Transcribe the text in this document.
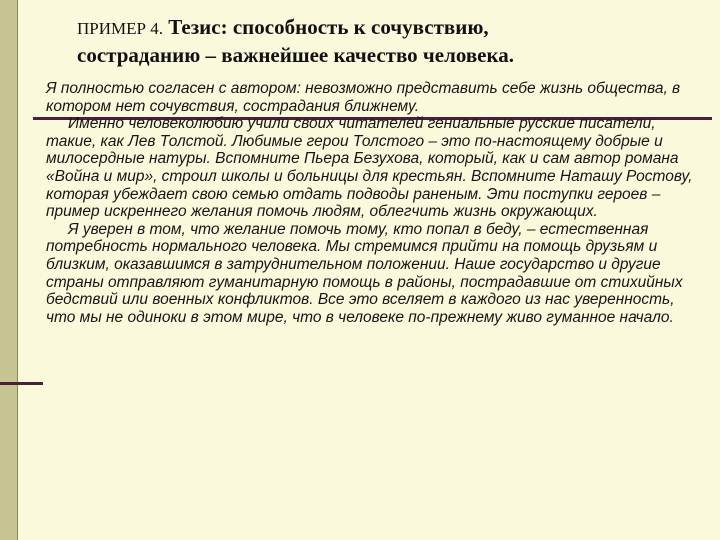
ПРИМЕР 4. Тезис: способность к сочувствию,
состраданию – важнейшее качество человека.

Я полностью согласен с автором: невозможно представить себе жизнь общества, в котором нет сочувствия, сострадания ближнему.

Именно человеколюбию учили своих читателей гениальные русские писатели, такие, как Лев Толстой. Любимые герои Толстого – это по-настоящему добрые и милосердные натуры. Вспомните Пьера Безухова, который, как и сам автор романа «Война и мир», строил школы и больницы для крестьян. Вспомните Наташу Ростову, которая убеждает свою семью отдать подводы раненым. Эти поступки героев – пример искреннего желания помочь людям, облегчить жизнь окружающих.

Я уверен в том, что желание помочь тому, кто попал в беду, – естественная потребность нормального человека. Мы стремимся прийти на помощь друзьям и близким, оказавшимся в затруднительном положении. Наше государство и другие страны отправляют гуманитарную помощь в районы, пострадавшие от стихийных бедствий или военных конфликтов. Все это вселяет в каждого из нас уверенность, что мы не одиноки в этом мире, что в человеке по-прежнему живо гуманное начало.
